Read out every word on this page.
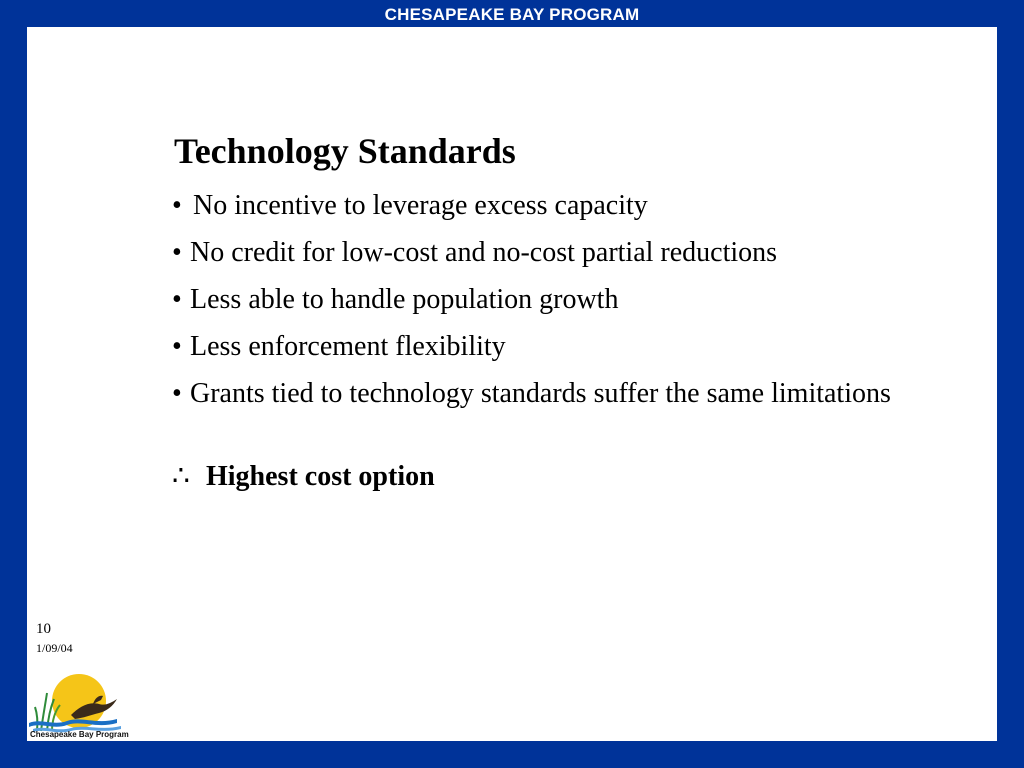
CHESAPEAKE BAY PROGRAM
Technology Standards
• No incentive to leverage excess capacity
• No credit for low-cost and no-cost partial reductions
• Less able to handle population growth
• Less enforcement flexibility
• Grants tied to technology standards suffer the same limitations
∴ Highest cost option
10
1/09/04
Chesapeake Bay Program
